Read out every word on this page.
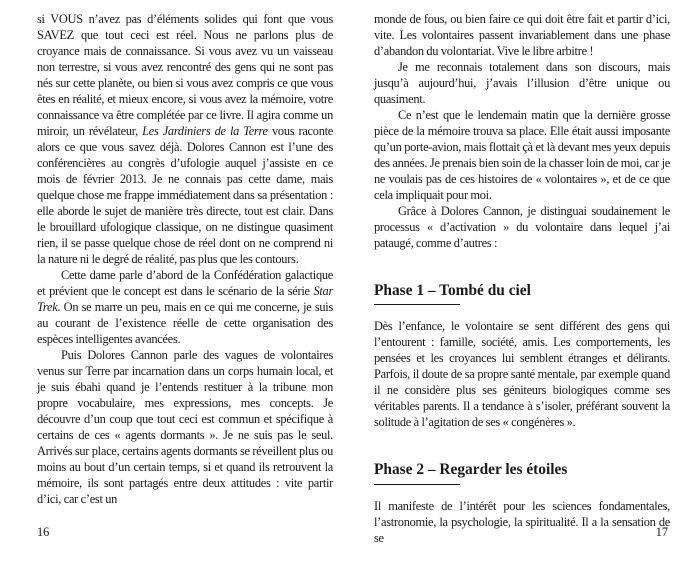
si VOUS n’avez pas d’éléments solides qui font que vous SAVEZ que tout ceci est réel. Nous ne parlons plus de croyance mais de connaissance. Si vous avez vu un vaisseau non terrestre, si vous avez rencontré des gens qui ne sont pas nés sur cette planète, ou bien si vous avez compris ce que vous êtes en réalité, et mieux encore, si vous avez la mémoire, votre connaissance va être complétée par ce livre. Il agira comme un miroir, un révélateur, Les Jardiniers de la Terre vous raconte alors ce que vous savez déjà. Dolores Cannon est l’une des conférencières au congrès d’ufologie auquel j’assiste en ce mois de février 2013. Je ne connais pas cette dame, mais quelque chose me frappe immédiatement dans sa présentation : elle aborde le sujet de manière très directe, tout est clair. Dans le brouillard ufologique classique, on ne distingue quasiment rien, il se passe quelque chose de réel dont on ne comprend ni la nature ni le degré de réalité, pas plus que les contours.

Cette dame parle d’abord de la Confédération galactique et prévient que le concept est dans le scénario de la série Star Trek. On se marre un peu, mais en ce qui me concerne, je suis au courant de l’existence réelle de cette organisation des espèces intelligentes avancées.

Puis Dolores Cannon parle des vagues de volontaires venus sur Terre par incarnation dans un corps humain local, et je suis ébahi quand je l’entends restituer à la tribune mon propre vocabulaire, mes expressions, mes concepts. Je découvre d’un coup que tout ceci est commun et spécifique à certains de ces « agents dormants ». Je ne suis pas le seul. Arrivés sur place, certains agents dormants se réveillent plus ou moins au bout d’un certain temps, si et quand ils retrouvent la mémoire, ils sont partagés entre deux attitudes : vite partir d’ici, car c’est un

16

monde de fous, ou bien faire ce qui doit être fait et partir d’ici, vite. Les volontaires passent invariablement dans une phase d’abandon du volontariat. Vive le libre arbitre !

Je me reconnais totalement dans son discours, mais jusqu’à aujourd’hui, j’avais l’illusion d’être unique ou quasiment.

Ce n’est que le lendemain matin que la dernière grosse pièce de la mémoire trouva sa place. Elle était aussi imposante qu’un porte-avion, mais flottait çà et là devant mes yeux depuis des années. Je prenais bien soin de la chasser loin de moi, car je ne voulais pas de ces histoires de « volontaires », et de ce que cela impliquait pour moi.

Grâce à Dolores Cannon, je distinguai soudainement le processus « d’activation » du volontaire dans lequel j’ai pataugé, comme d’autres :

Phase 1 – Tombé du ciel

Dès l’enfance, le volontaire se sent différent des gens qui l’entourent : famille, société, amis. Les comportements, les pensées et les croyances lui semblent étranges et délirants. Parfois, il doute de sa propre santé mentale, par exemple quand il ne considère plus ses géniteurs biologiques comme ses véritables parents. Il a tendance à s’isoler, préférant souvent la solitude à l’agitation de ses « congénères ».

Phase 2 – Regarder les étoiles

Il manifeste de l’intérêt pour les sciences fondamentales, l’astronomie, la psychologie, la spiritualité. Il a la sensation de se	17
